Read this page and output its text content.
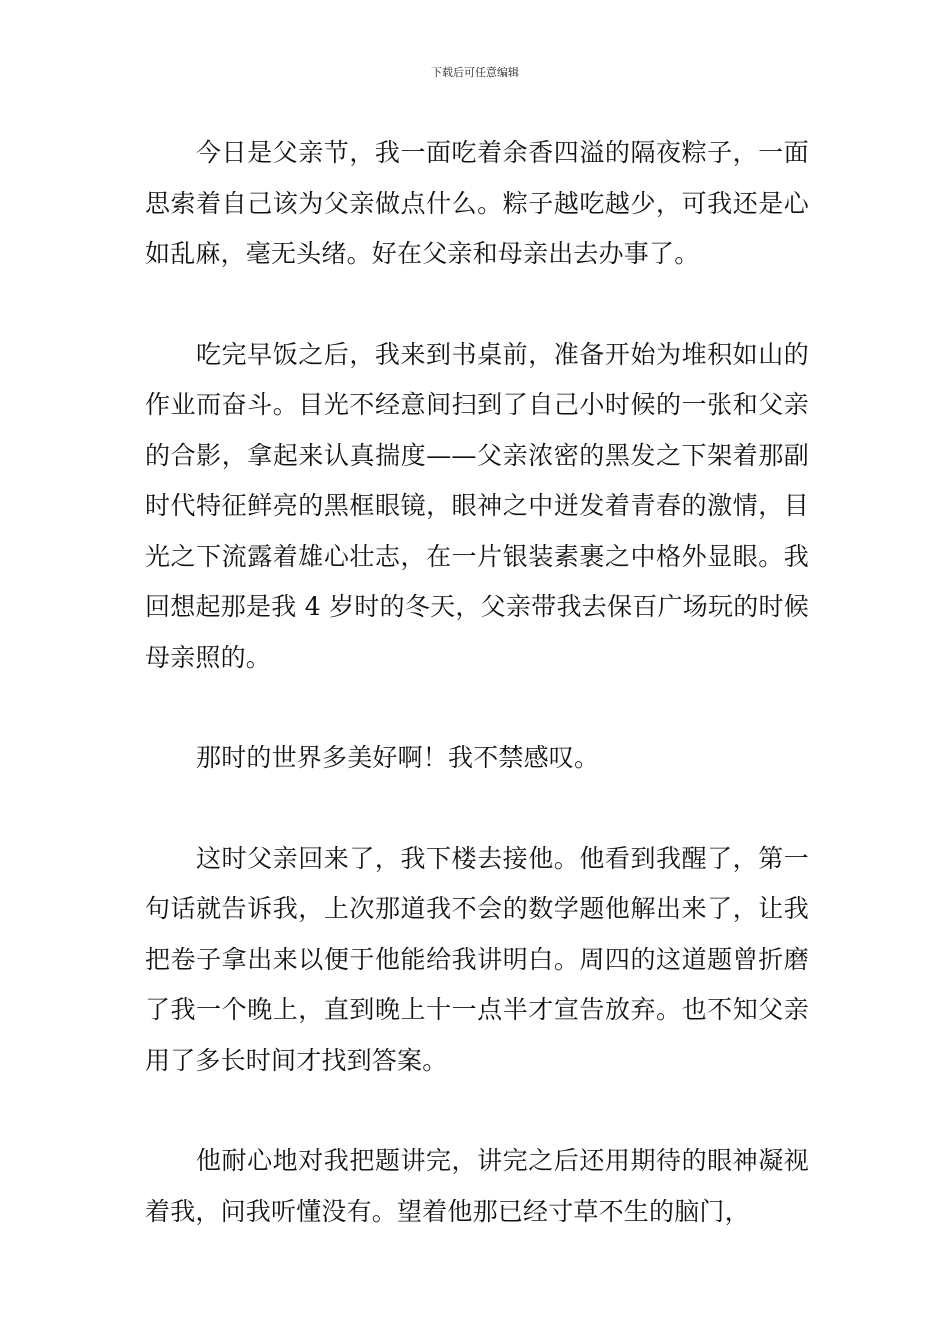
下载后可任意编辑

今日是父亲节，我一面吃着余香四溢的隔夜粽子，一面思索着自己该为父亲做点什么。粽子越吃越少，可我还是心如乱麻，毫无头绪。好在父亲和母亲出去办事了。

吃完早饭之后，我来到书桌前，准备开始为堆积如山的作业而奋斗。目光不经意间扫到了自己小时候的一张和父亲的合影，拿起来认真揣度——父亲浓密的黑发之下架着那副时代特征鲜亮的黑框眼镜，眼神之中迸发着青春的激情，目光之下流露着雄心壮志，在一片银装素裹之中格外显眼。我回想起那是我 4 岁时的冬天，父亲带我去保百广场玩的时候母亲照的。

那时的世界多美好啊！我不禁感叹。

这时父亲回来了，我下楼去接他。他看到我醒了，第一句话就告诉我，上次那道我不会的数学题他解出来了，让我把卷子拿出来以便于他能给我讲明白。周四的这道题曾折磨了我一个晚上，直到晚上十一点半才宣告放弃。也不知父亲用了多长时间才找到答案。

他耐心地对我把题讲完，讲完之后还用期待的眼神凝视着我，问我听懂没有。望着他那已经寸草不生的脑门，
